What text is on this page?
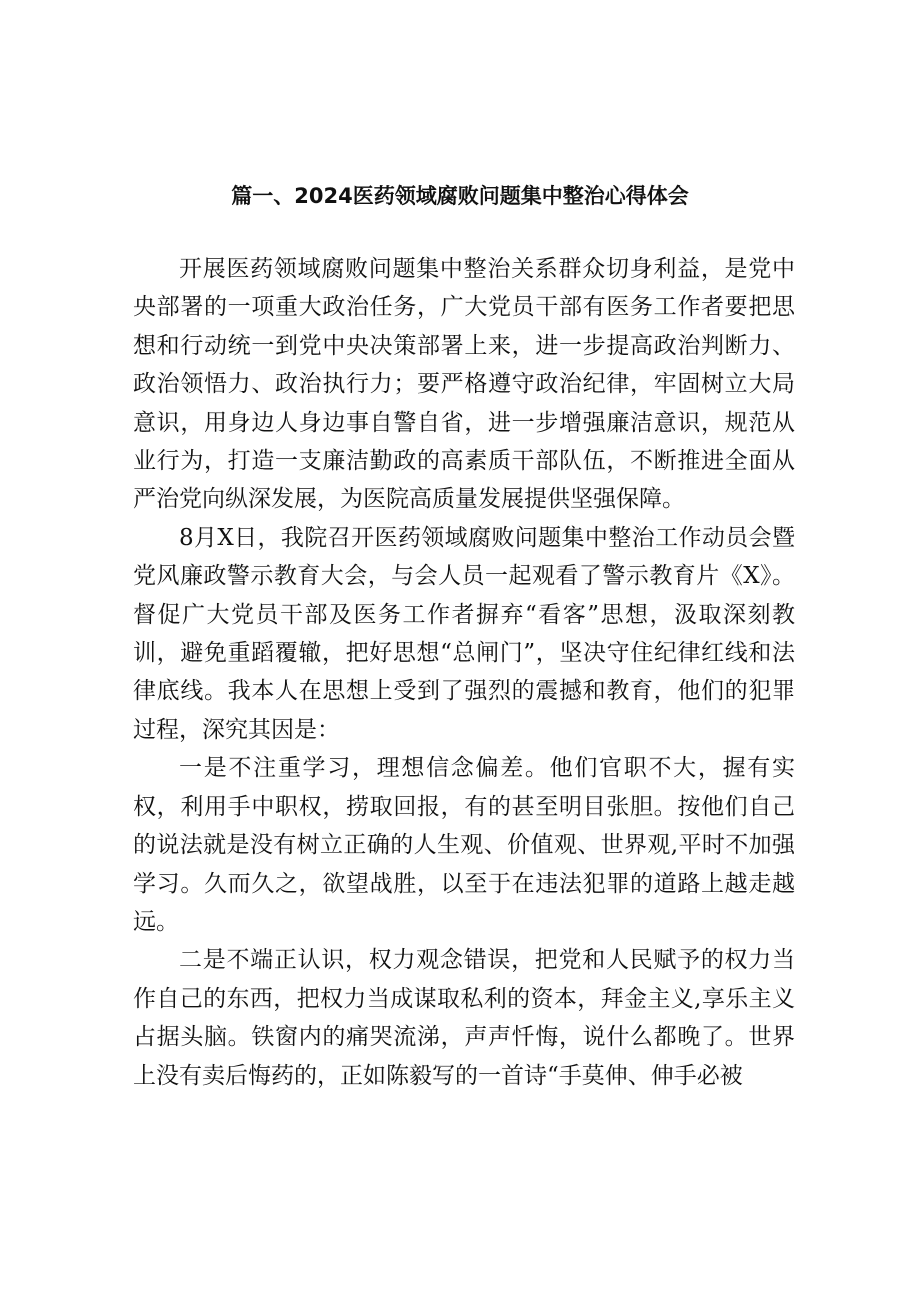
篇一、2024医药领域腐败问题集中整治心得体会

开展医药领域腐败问题集中整治关系群众切身利益，是党中央部署的一项重大政治任务，广大党员干部有医务工作者要把思想和行动统一到党中央决策部署上来，进一步提高政治判断力、政治领悟力、政治执行力；要严格遵守政治纪律，牢固树立大局意识，用身边人身边事自警自省，进一步增强廉洁意识，规范从业行为，打造一支廉洁勤政的高素质干部队伍，不断推进全面从严治党向纵深发展，为医院高质量发展提供坚强保障。

8月X日，我院召开医药领域腐败问题集中整治工作动员会暨党风廉政警示教育大会，与会人员一起观看了警示教育片《X》。督促广大党员干部及医务工作者摒弃“看客”思想，汲取深刻教训，避免重蹈覆辙，把好思想“总闸门”，坚决守住纪律红线和法律底线。我本人在思想上受到了强烈的震撼和教育，他们的犯罪过程，深究其因是：

一是不注重学习，理想信念偏差。他们官职不大，握有实权，利用手中职权，捞取回报，有的甚至明目张胆。按他们自己的说法就是没有树立正确的人生观、价值观、世界观,平时不加强学习。久而久之，欲望战胜，以至于在违法犯罪的道路上越走越远。

二是不端正认识，权力观念错误，把党和人民赋予的权力当作自己的东西，把权力当成谋取私利的资本，拜金主义,享乐主义占据头脑。铁窗内的痛哭流涕，声声忏悔，说什么都晚了。世界上没有卖后悔药的，正如陈毅写的一首诗“手莫伸、伸手必被
